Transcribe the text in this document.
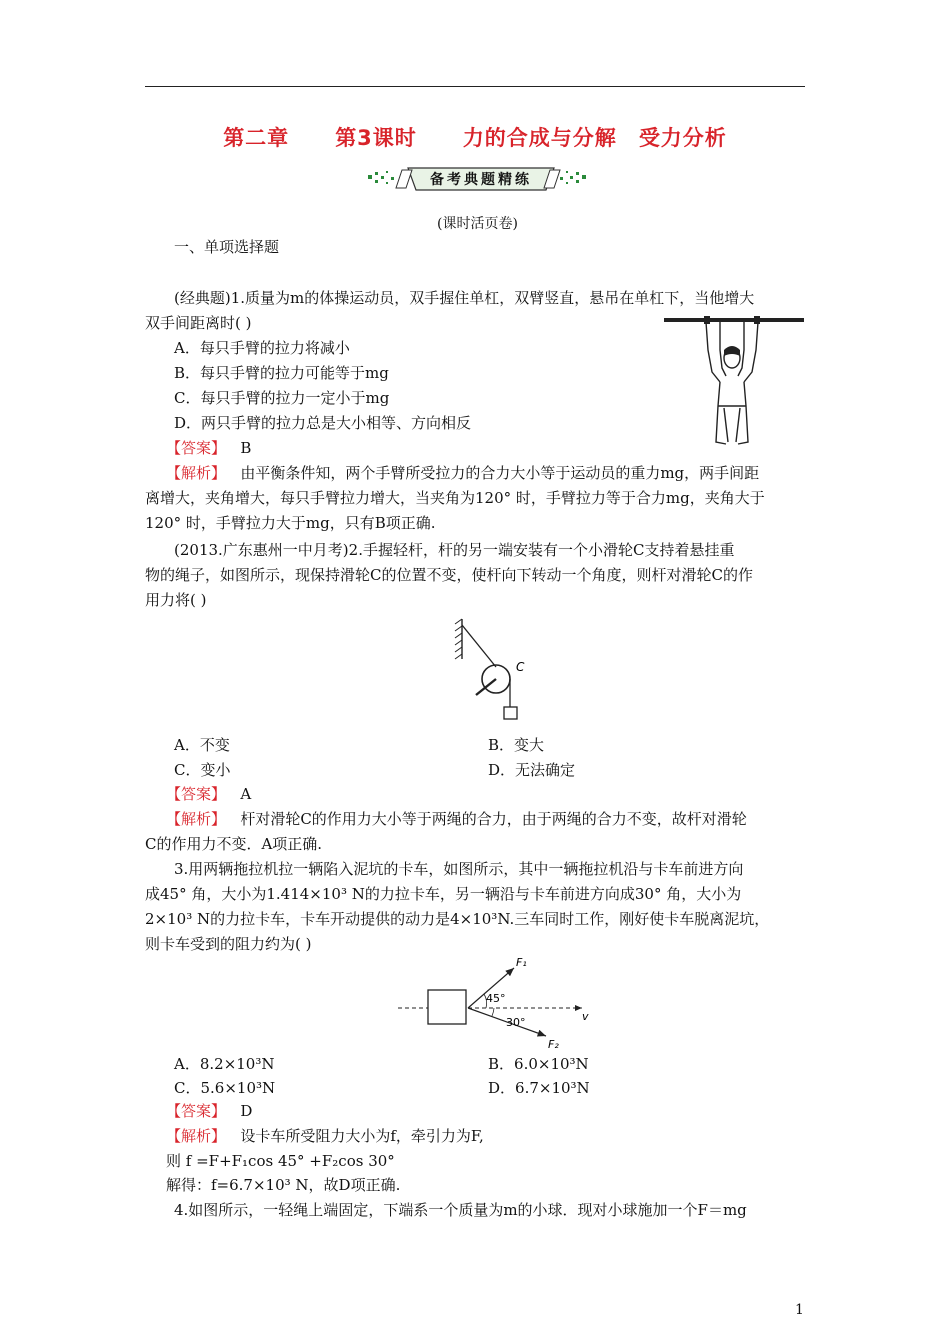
第二章 第3课时 力的合成与分解 受力分析
备考典题精练
(课时活页卷)
一、单项选择题
(经典题)1.质量为m的体操运动员，双手握住单杠，双臂竖直，悬吊在单杠下，当他增大
双手间距离时( )
A．每只手臂的拉力将减小
B．每只手臂的拉力可能等于mg
C．每只手臂的拉力一定小于mg
D．两只手臂的拉力总是大小相等、方向相反
【答案】 B
【解析】 由平衡条件知，两个手臂所受拉力的合力大小等于运动员的重力mg，两手间距
离增大，夹角增大，每只手臂拉力增大，当夹角为120° 时，手臂拉力等于合力mg，夹角大于
120° 时，手臂拉力大于mg，只有B项正确.
(2013.广东惠州一中月考)2.手握轻杆，杆的另一端安装有一个小滑轮C支持着悬挂重
物的绳子，如图所示，现保持滑轮C的位置不变，使杆向下转动一个角度，则杆对滑轮C的作
用力将( )
C
A．不变	B．变大
C．变小	D．无法确定
【答案】 A
【解析】 杆对滑轮C的作用力大小等于两绳的合力，由于两绳的合力不变，故杆对滑轮
C的作用力不变．A项正确.
3.用两辆拖拉机拉一辆陷入泥坑的卡车，如图所示，其中一辆拖拉机沿与卡车前进方向
成45° 角，大小为1.414×10³ N的力拉卡车，另一辆沿与卡车前进方向成30° 角，大小为
2×10³ N的力拉卡车，卡车开动提供的动力是4×10³N.三车同时工作，刚好使卡车脱离泥坑，
则卡车受到的阻力约为( )
F₁
F₂
45°
30°	v
A．8.2×10³N	B．6.0×10³N
C．5.6×10³N	D．6.7×10³N
【答案】 D
【解析】 设卡车所受阻力大小为f，牵引力为F,
则 f =F+F₁cos 45° +F₂cos 30°
解得：f=6.7×10³ N，故D项正确.
4.如图所示，一轻绳上端固定，下端系一个质量为m的小球．现对小球施加一个F＝mg
1
